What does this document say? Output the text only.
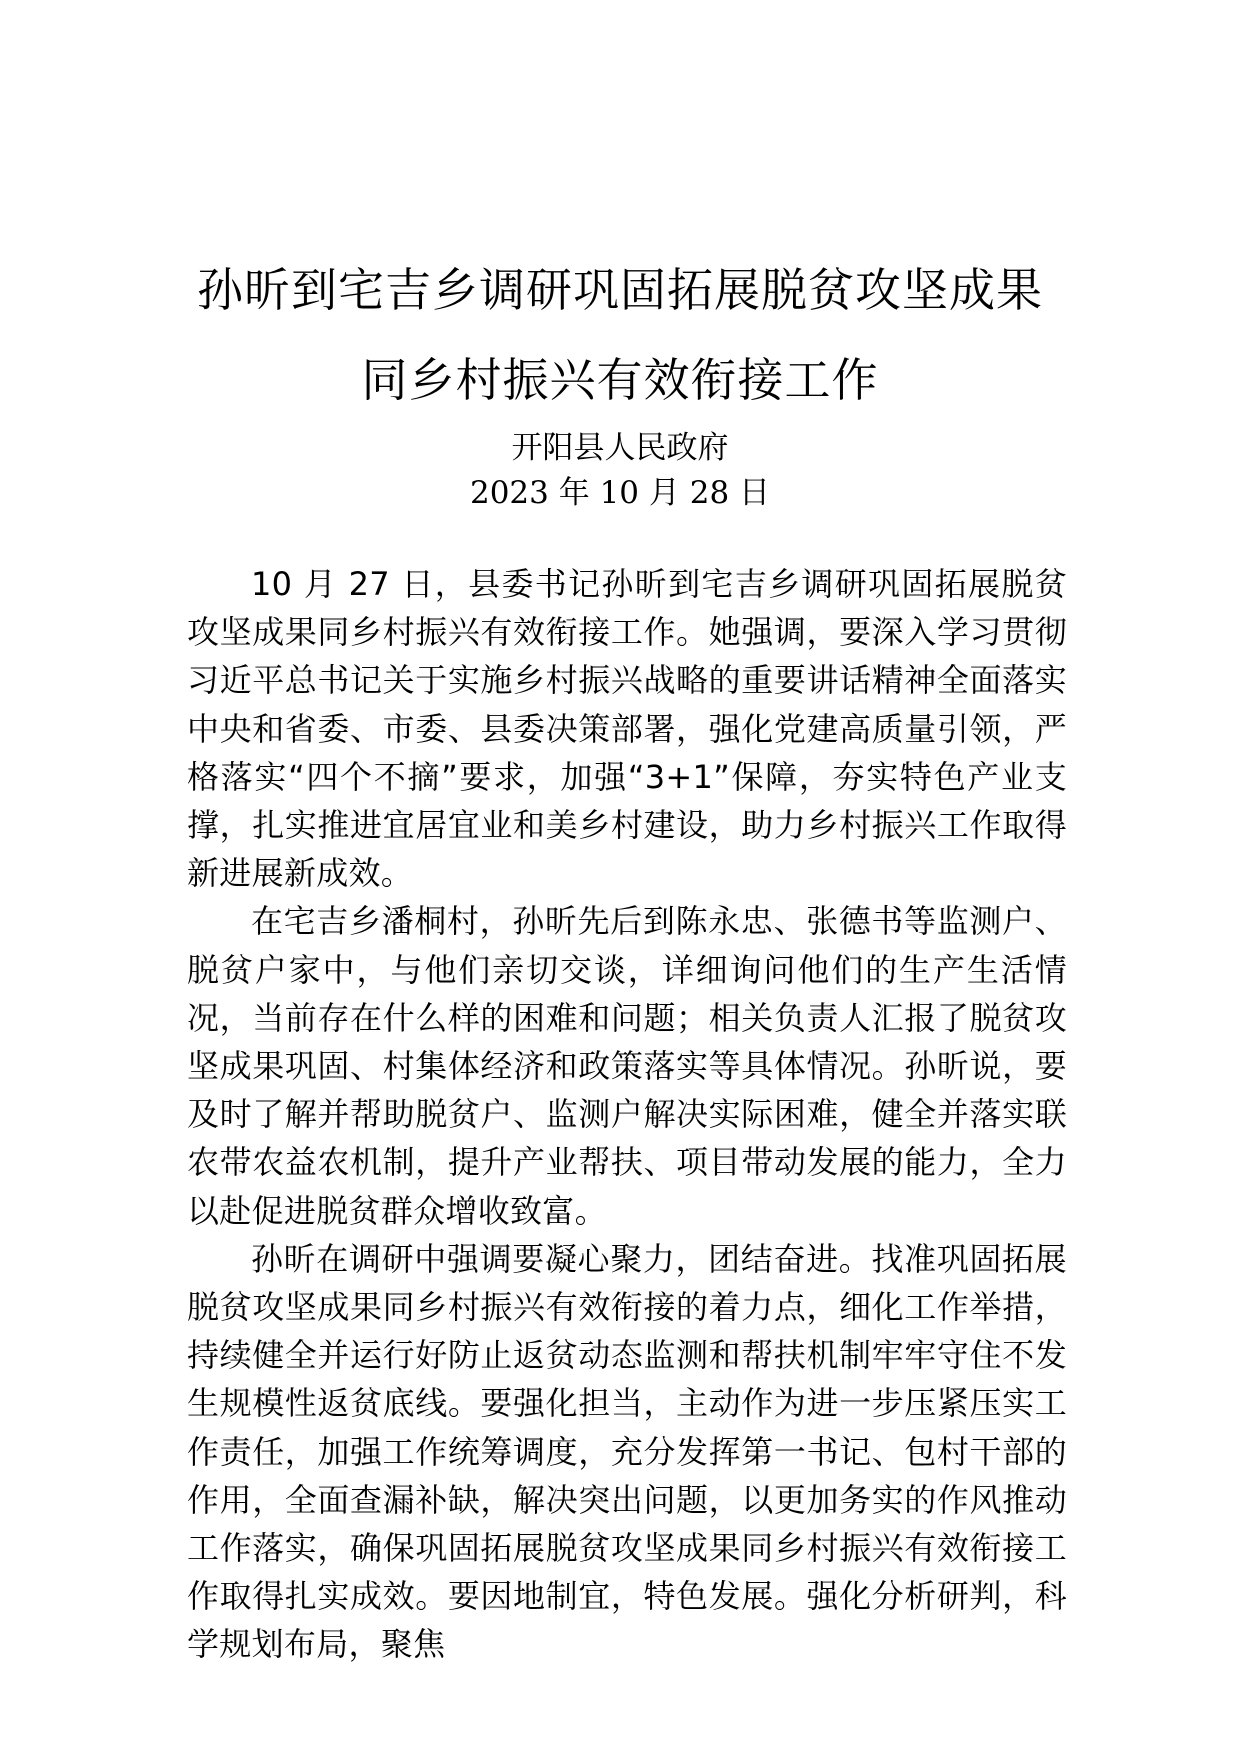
孙昕到宅吉乡调研巩固拓展脱贫攻坚成果
同乡村振兴有效衔接工作
开阳县人民政府
2023 年 10 月 28 日

10 月 27 日，县委书记孙昕到宅吉乡调研巩固拓展脱贫攻坚成果同乡村振兴有效衔接工作。她强调，要深入学习贯彻习近平总书记关于实施乡村振兴战略的重要讲话精神全面落实中央和省委、市委、县委决策部署，强化党建高质量引领，严格落实“四个不摘”要求，加强“3+1”保障，夯实特色产业支撑，扎实推进宜居宜业和美乡村建设，助力乡村振兴工作取得新进展新成效。

在宅吉乡潘桐村，孙昕先后到陈永忠、张德书等监测户、脱贫户家中，与他们亲切交谈，详细询问他们的生产生活情况，当前存在什么样的困难和问题；相关负责人汇报了脱贫攻坚成果巩固、村集体经济和政策落实等具体情况。孙昕说，要及时了解并帮助脱贫户、监测户解决实际困难，健全并落实联农带农益农机制，提升产业帮扶、项目带动发展的能力，全力以赴促进脱贫群众增收致富。

孙昕在调研中强调要凝心聚力，团结奋进。找准巩固拓展脱贫攻坚成果同乡村振兴有效衔接的着力点，细化工作举措，持续健全并运行好防止返贫动态监测和帮扶机制牢牢守住不发生规模性返贫底线。要强化担当，主动作为进一步压紧压实工作责任，加强工作统筹调度，充分发挥第一书记、包村干部的作用，全面查漏补缺，解决突出问题，以更加务实的作风推动工作落实，确保巩固拓展脱贫攻坚成果同乡村振兴有效衔接工作取得扎实成效。要因地制宜，特色发展。强化分析研判，科学规划布局，聚焦
